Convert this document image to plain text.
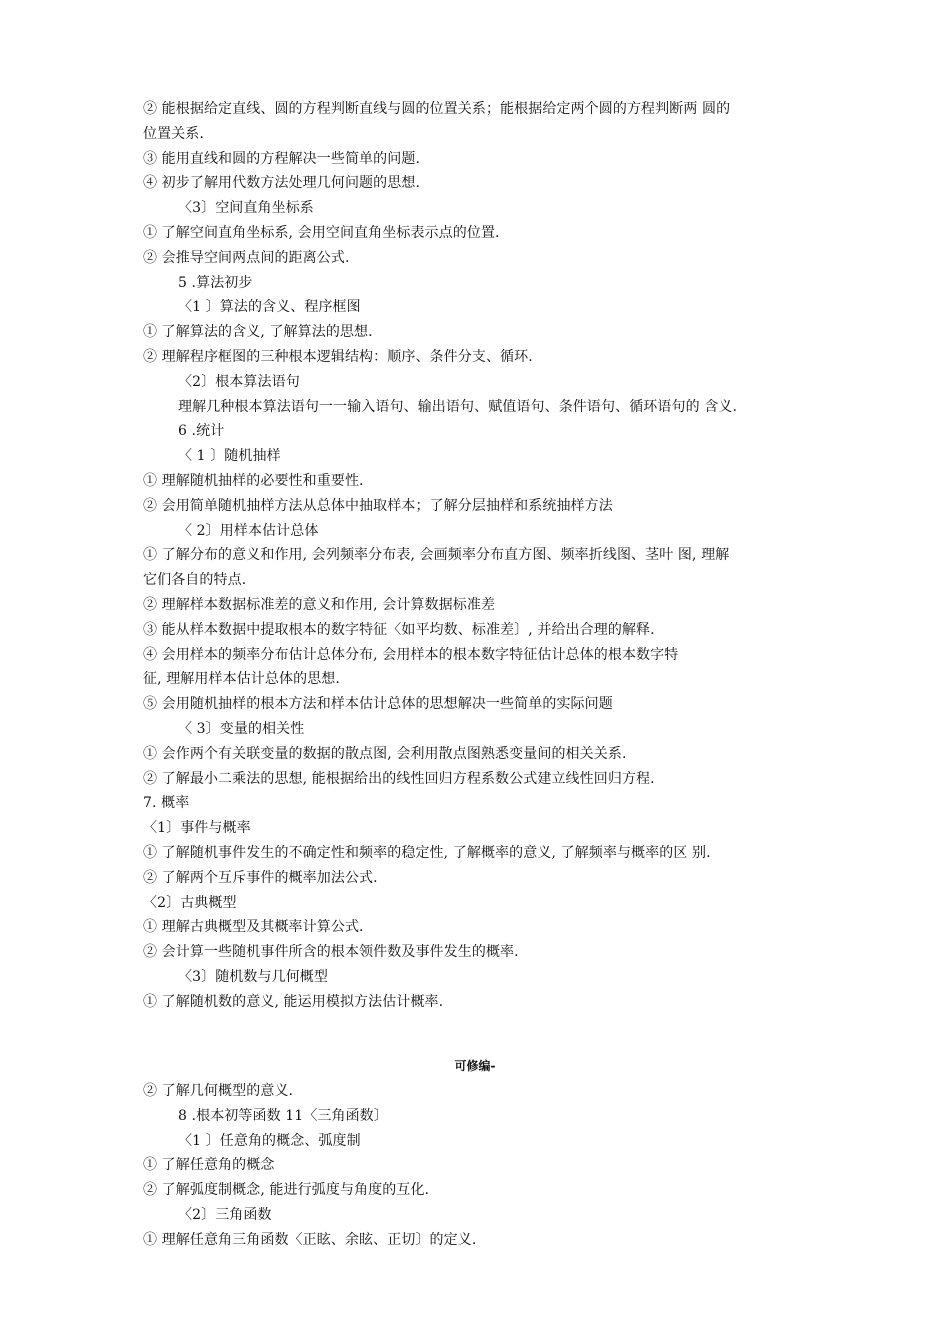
② 能根据给定直线、圆的方程判断直线与圆的位置关系；能根据给定两个圆的方程判断两 圆的
位置关系.
③ 能用直线和圆的方程解决一些简单的问题.
④ 初步了解用代数方法处理几何问题的思想.
〈3〕空间直角坐标系
① 了解空间直角坐标系, 会用空间直角坐标表示点的位置.
② 会推导空间两点间的距离公式.
5 .算法初步
〈1 〕算法的含义、程序框图
① 了解算法的含义, 了解算法的思想.
② 理解程序框图的三种根本逻辑结构：顺序、条件分支、循环.
〈2〕根本算法语句
理解几种根本算法语句一一输入语句、输出语句、赋值语句、条件语句、循环语句的 含义.
6 .统计
〈 1 〕随机抽样
① 理解随机抽样的必要性和重要性.
② 会用简单随机抽样方法从总体中抽取样本；了解分层抽样和系统抽样方法
〈 2〕用样本估计总体
① 了解分布的意义和作用, 会列频率分布表, 会画频率分布直方图、频率折线图、茎叶 图, 理解
它们各自的特点.
② 理解样本数据标准差的意义和作用, 会计算数据标准差
③ 能从样本数据中提取根本的数字特征〈如平均数、标准差〕, 并给出合理的解释.
④ 会用样本的频率分布估计总体分布, 会用样本的根本数字特征估计总体的根本数字特
征, 理解用样本估计总体的思想.
⑤ 会用随机抽样的根本方法和样本估计总体的思想解决一些简单的实际问题
〈 3〕变量的相关性
① 会作两个有关联变量的数据的散点图, 会利用散点图熟悉变量间的相关关系.
② 了解最小二乘法的思想, 能根据给出的线性回归方程系数公式建立线性回归方程.
7. 概率
〈1〕事件与概率
① 了解随机事件发生的不确定性和频率的稳定性, 了解概率的意义, 了解频率与概率的区 别.
② 了解两个互斥事件的概率加法公式.
〈2〕古典概型
① 理解古典概型及其概率计算公式.
② 会计算一些随机事件所含的根本领件数及事件发生的概率.
〈3〕随机数与几何概型
① 了解随机数的意义, 能运用模拟方法估计概率.
可修编-
② 了解几何概型的意义.
8 .根本初等函数 11〈三角函数〕
〈1 〕任意角的概念、弧度制
① 了解任意角的概念
② 了解弧度制概念, 能进行弧度与角度的互化.
〈2〕三角函数
① 理解任意角三角函数〈正眩、余眩、正切〕的定义.
